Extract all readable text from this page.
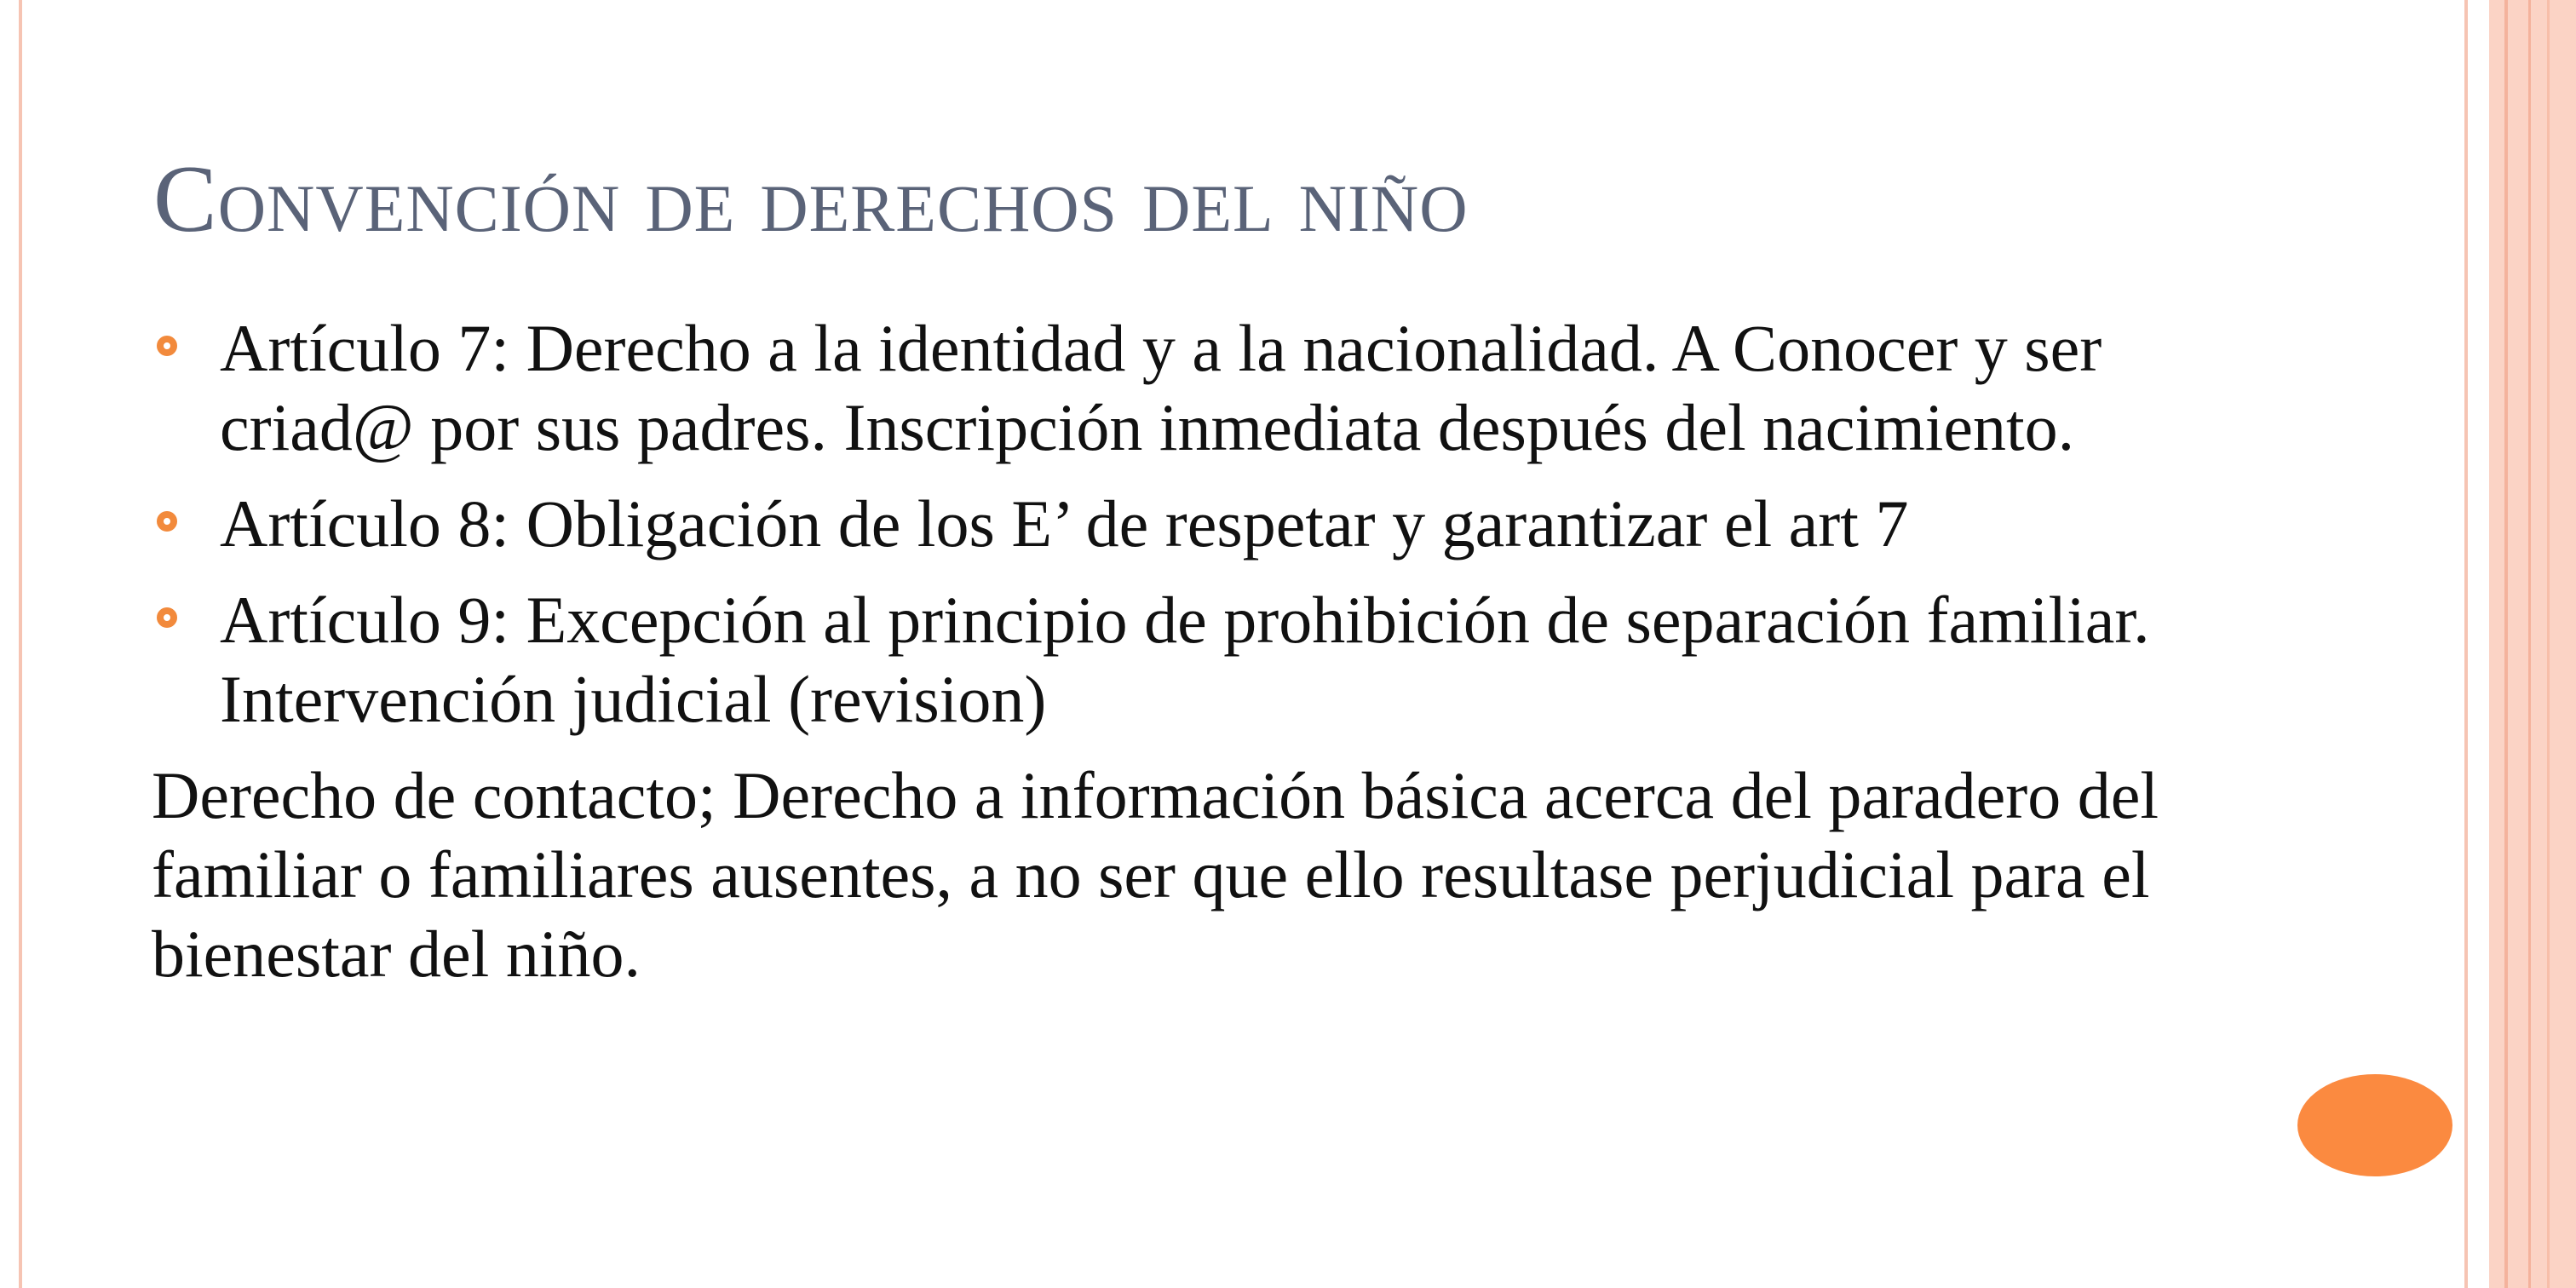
Convención de derechos del niño
Artículo 7: Derecho a la identidad y a la nacionalidad. A Conocer y ser criad@ por sus padres. Inscripción inmediata después del nacimiento.
Artículo 8: Obligación de los E’ de respetar y garantizar el art 7
Artículo 9: Excepción al principio de prohibición de separación familiar. Intervención judicial (revision)
Derecho de contacto; Derecho a información básica acerca del paradero del familiar o familiares ausentes, a no ser que ello resultase perjudicial para el bienestar del niño.
